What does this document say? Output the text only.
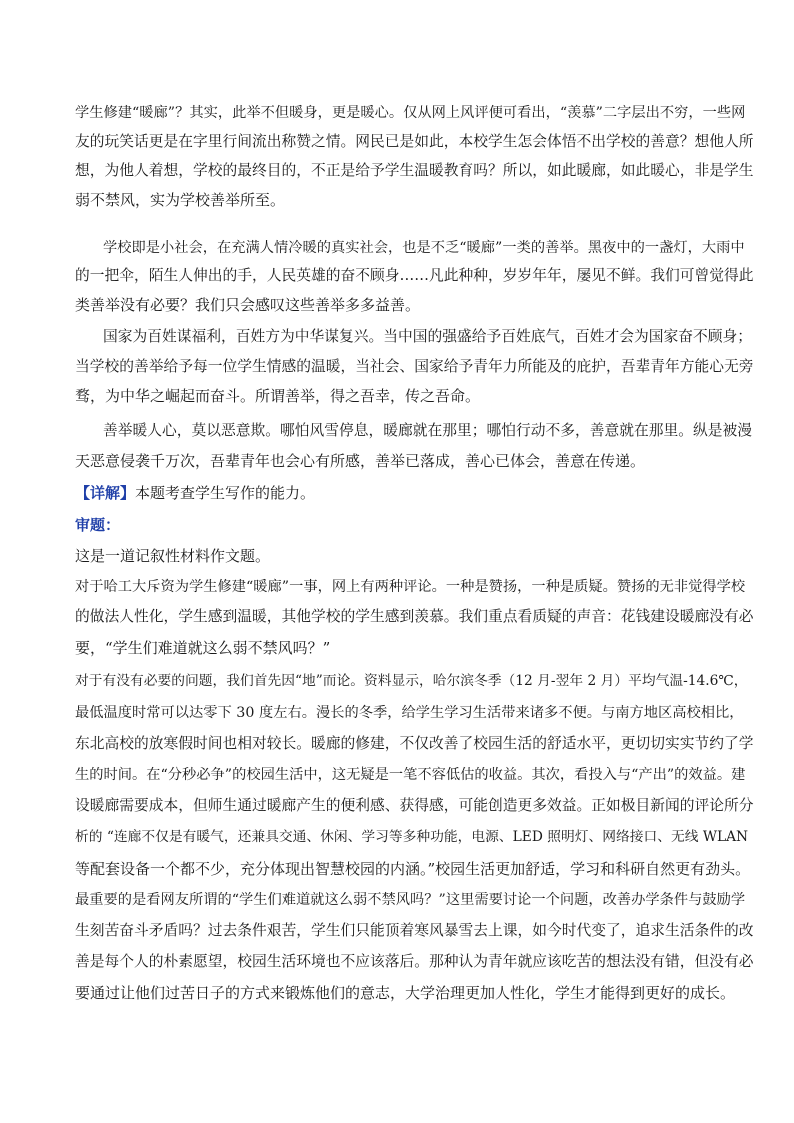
学生修建“暖廊”？其实，此举不但暖身，更是暖心。仅从网上风评便可看出，“羡慕”二字层出不穷，一些网
友的玩笑话更是在字里行间流出称赞之情。网民已是如此，本校学生怎会体悟不出学校的善意？想他人所
想，为他人着想，学校的最终目的，不正是给予学生温暖教育吗？所以，如此暖廊，如此暖心，非是学生
弱不禁风，实为学校善举所至。
学校即是小社会，在充满人情冷暖的真实社会，也是不乏“暖廊”一类的善举。黑夜中的一盏灯，大雨中
的一把伞，陌生人伸出的手，人民英雄的奋不顾身……凡此种种，岁岁年年，屡见不鲜。我们可曾觉得此
类善举没有必要？我们只会感叹这些善举多多益善。
国家为百姓谋福利，百姓方为中华谋复兴。当中国的强盛给予百姓底气，百姓才会为国家奋不顾身；
当学校的善举给予每一位学生情感的温暖，当社会、国家给予青年力所能及的庇护，吾辈青年方能心无旁
骛，为中华之崛起而奋斗。所谓善举，得之吾幸，传之吾命。
善举暖人心，莫以恶意欺。哪怕风雪停息，暖廊就在那里；哪怕行动不多，善意就在那里。纵是被漫
天恶意侵袭千万次，吾辈青年也会心有所感，善举已落成，善心已体会，善意在传递。
【详解】本题考查学生写作的能力。
审题：
这是一道记叙性材料作文题。
对于哈工大斥资为学生修建“暖廊”一事，网上有两种评论。一种是赞扬，一种是质疑。赞扬的无非觉得学校
的做法人性化，学生感到温暖，其他学校的学生感到羡慕。我们重点看质疑的声音：花钱建设暖廊没有必
要，“学生们难道就这么弱不禁风吗？”
对于有没有必要的问题，我们首先因“地”而论。资料显示，哈尔滨冬季（12 月-翌年 2 月）平均气温-14.6℃，
最低温度时常可以达零下 30 度左右。漫长的冬季，给学生学习生活带来诸多不便。与南方地区高校相比，
东北高校的放寒假时间也相对较长。暖廊的修建，不仅改善了校园生活的舒适水平，更切切实实节约了学
生的时间。在“分秒必争”的校园生活中，这无疑是一笔不容低估的收益。其次，看投入与“产出”的效益。建
设暖廊需要成本，但师生通过暖廊产生的便利感、获得感，可能创造更多效益。正如极目新闻的评论所分
析的 “连廊不仅是有暖气，还兼具交通、休闲、学习等多种功能，电源、LED 照明灯、网络接口、无线 WLAN
等配套设备一个都不少，充分体现出智慧校园的内涵。”校园生活更加舒适，学习和科研自然更有劲头。
最重要的是看网友所谓的“学生们难道就这么弱不禁风吗？”这里需要讨论一个问题，改善办学条件与鼓励学
生刻苦奋斗矛盾吗？过去条件艰苦，学生们只能顶着寒风暴雪去上课，如今时代变了，追求生活条件的改
善是每个人的朴素愿望，校园生活环境也不应该落后。那种认为青年就应该吃苦的想法没有错，但没有必
要通过让他们过苦日子的方式来锻炼他们的意志，大学治理更加人性化，学生才能得到更好的成长。
